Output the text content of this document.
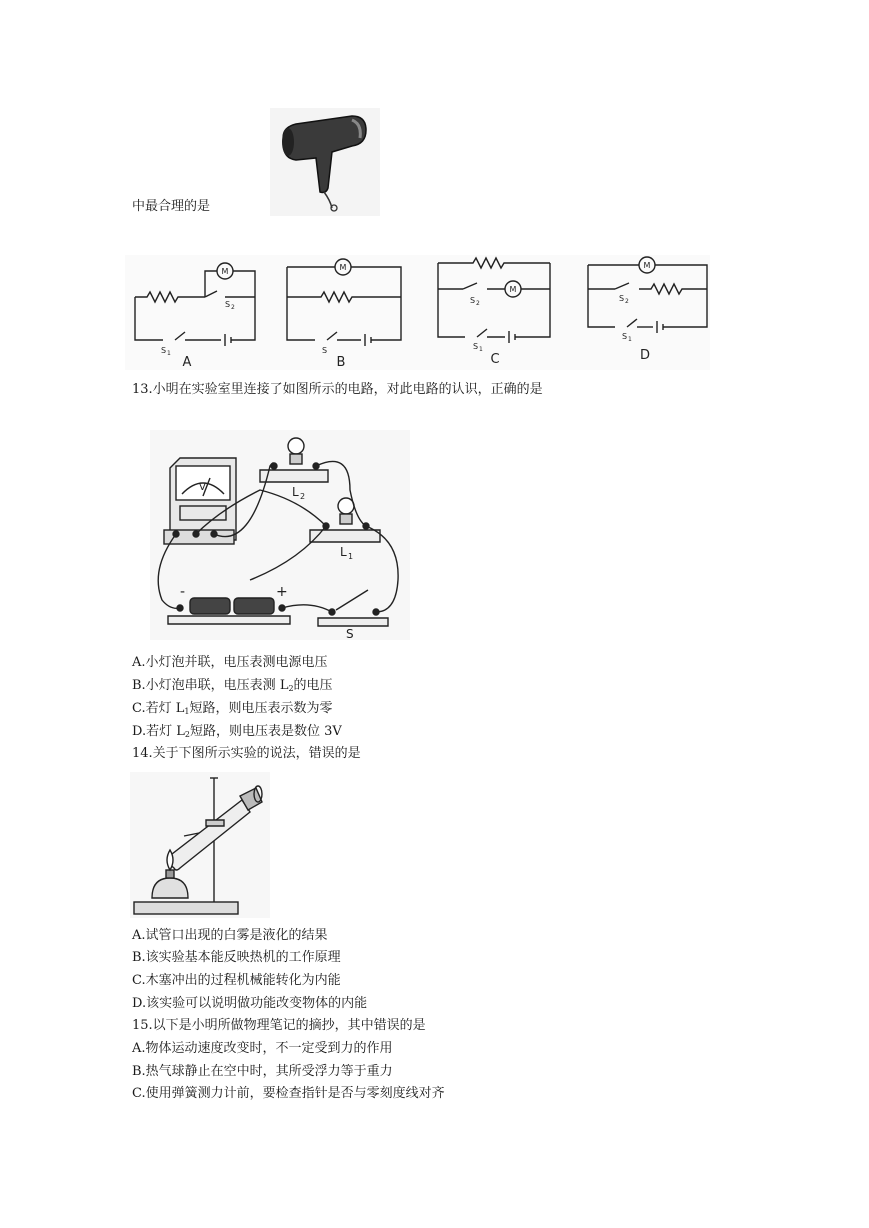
中最合理的是
M	M
M
M
S 2
S 1	S
S 2
S 1
S 2
S 1
A	B	C	D
13.小明在实验室里连接了如图所示的电路，对此电路的认识，正确的是
V	L 2
L 1
S
+
-
A.小灯泡并联，电压表测电源电压
B.小灯泡串联，电压表测 $L_2$的电压
C.若灯 $L_1$短路，则电压表示数为零
D.若灯 $L_2$短路，则电压表是数位 3V
14.关于下图所示实验的说法，错误的是
A.试管口出现的白雾是液化的结果
B.该实验基本能反映热机的工作原理
C.木塞冲出的过程机械能转化为内能
D.该实验可以说明做功能改变物体的内能
15.以下是小明所做物理笔记的摘抄，其中错误的是
A.物体运动速度改变时，不一定受到力的作用
B.热气球静止在空中时，其所受浮力等于重力
C.使用弹簧测力计前，要检查指针是否与零刻度线对齐
